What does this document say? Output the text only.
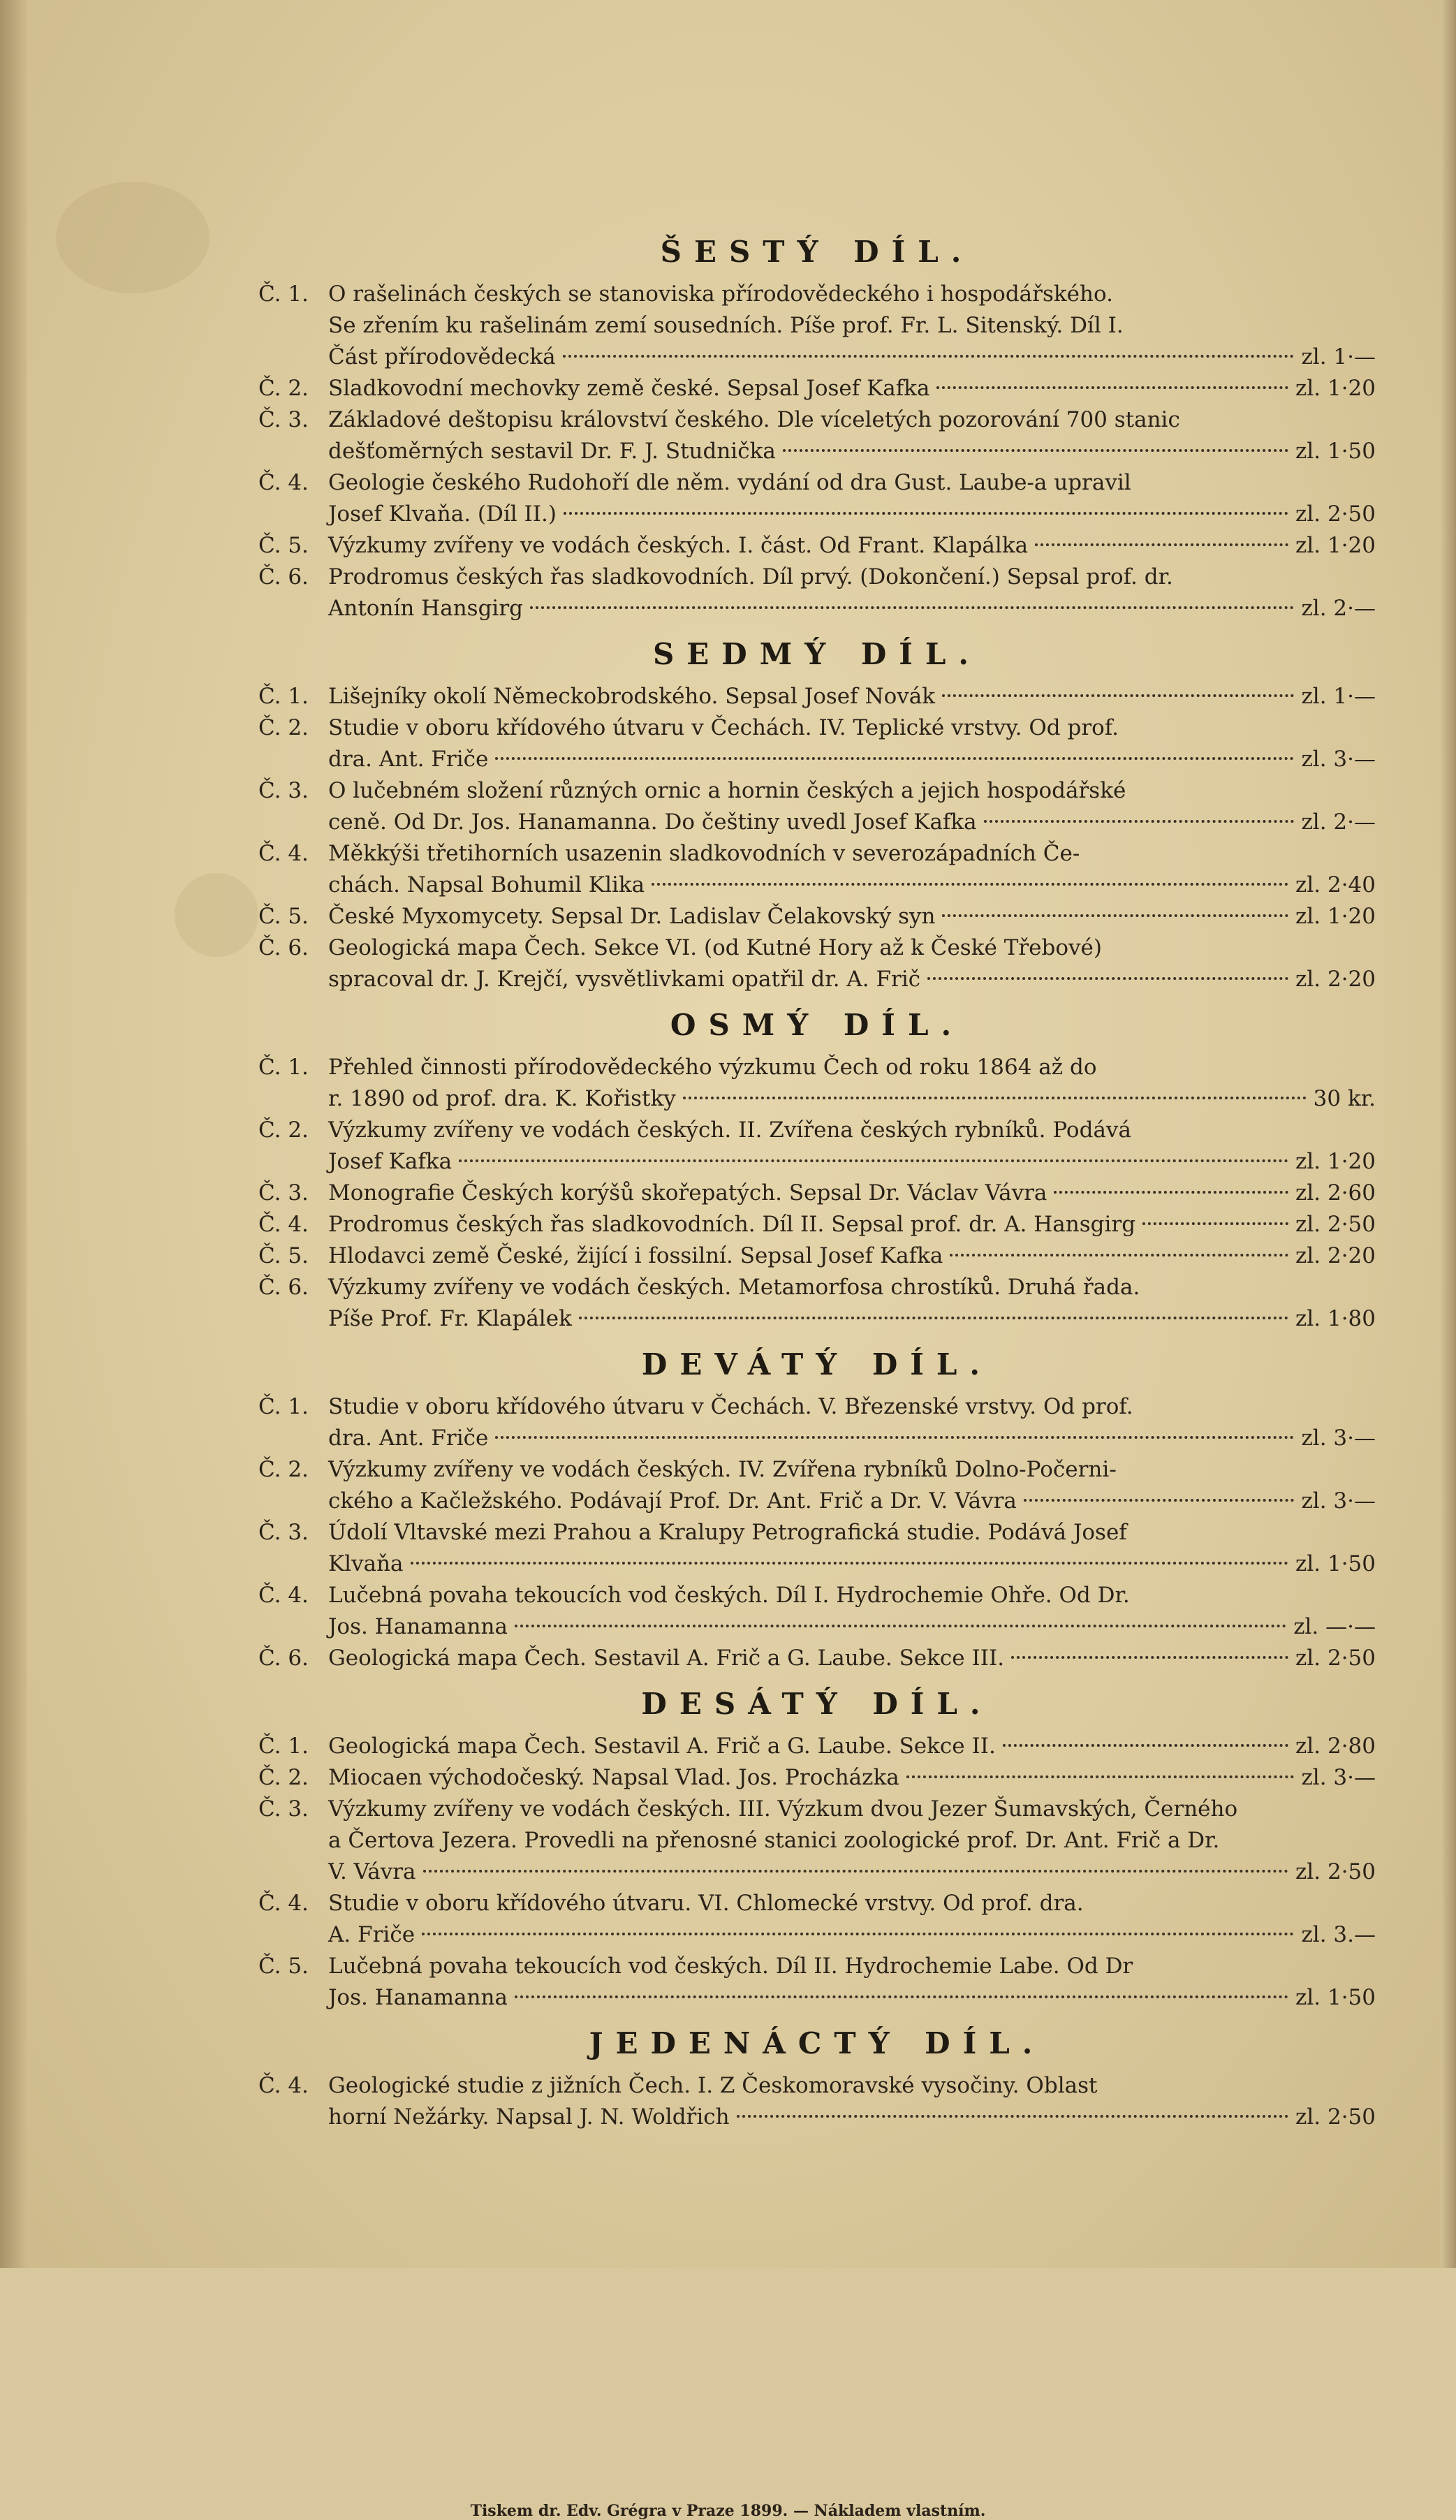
ŠESTÝ DÍL.
Č. 1. O rašelinách českých se stanoviska přírodovědeckého i hospodářského.
Se zřením ku rašelinám zemí sousedních. Píše prof. Fr. L. Sitenský. Díl I.
Část přírodovědecká	zl. 1·—
Č. 2. Sladkovodní mechovky země české. Sepsal Josef Kafka	zl. 1·20
Č. 3. Základové deštopisu království českého. Dle víceletých pozorování 700 stanic
dešťoměrných sestavil Dr. F. J. Studnička	zl. 1·50
Č. 4. Geologie českého Rudohoří dle něm. vydání od dra Gust. Laube-a upravil
Josef Klvaňa. (Díl II.)	zl. 2·50
Č. 5. Výzkumy zvířeny ve vodách českých. I. část. Od Frant. Klapálka	zl. 1·20
Č. 6. Prodromus českých řas sladkovodních. Díl prvý. (Dokončení.) Sepsal prof. dr.
Antonín Hansgirg	zl. 2·—
SEDMÝ DÍL.
Č. 1. Lišejníky okolí Německobrodského. Sepsal Josef Novák	zl. 1·—
Č. 2. Studie v oboru křídového útvaru v Čechách. IV. Teplické vrstvy. Od prof.
dra. Ant. Friče	zl. 3·—
Č. 3. O lučebném složení různých ornic a hornin českých a jejich hospodářské
ceně. Od Dr. Jos. Hanamanna. Do češtiny uvedl Josef Kafka	zl. 2·—
Č. 4. Měkkýši třetihorních usazenin sladkovodních v severozápadních Če-
chách. Napsal Bohumil Klika	zl. 2·40
Č. 5. České Myxomycety. Sepsal Dr. Ladislav Čelakovský syn	zl. 1·20
Č. 6. Geologická mapa Čech. Sekce VI. (od Kutné Hory až k České Třebové)
spracoval dr. J. Krejčí, vysvětlivkami opatřil dr. A. Frič	zl. 2·20
OSMÝ DÍL.
Č. 1. Přehled činnosti přírodovědeckého výzkumu Čech od roku 1864 až do
r. 1890 od prof. dra. K. Kořistky	30 kr.
Č. 2. Výzkumy zvířeny ve vodách českých. II. Zvířena českých rybníků. Podává
Josef Kafka	zl. 1·20
Č. 3. Monografie Českých korýšů skořepatých. Sepsal Dr. Václav Vávra	zl. 2·60
Č. 4. Prodromus českých řas sladkovodních. Díl II. Sepsal prof. dr. A. Hansgirg	zl. 2·50
Č. 5. Hlodavci země České, žijící i fossilní. Sepsal Josef Kafka	zl. 2·20
Č. 6. Výzkumy zvířeny ve vodách českých. Metamorfosa chrostíků. Druhá řada.
Píše Prof. Fr. Klapálek	zl. 1·80
DEVÁTÝ DÍL.
Č. 1. Studie v oboru křídového útvaru v Čechách. V. Březenské vrstvy. Od prof.
dra. Ant. Friče	zl. 3·—
Č. 2. Výzkumy zvířeny ve vodách českých. IV. Zvířena rybníků Dolno-Počerni-
ckého a Kačležského. Podávají Prof. Dr. Ant. Frič a Dr. V. Vávra	zl. 3·—
Č. 3. Údolí Vltavské mezi Prahou a Kralupy Petrografická studie. Podává Josef
Klvaňa	zl. 1·50
Č. 4. Lučebná povaha tekoucích vod českých. Díl I. Hydrochemie Ohře. Od Dr.
Jos. Hanamanna	zl. —·—
Č. 6. Geologická mapa Čech. Sestavil A. Frič a G. Laube. Sekce III.	zl. 2·50
DESÁTÝ DÍL.
Č. 1. Geologická mapa Čech. Sestavil A. Frič a G. Laube. Sekce II.	zl. 2·80
Č. 2. Miocaen východočeský. Napsal Vlad. Jos. Procházka	zl. 3·—
Č. 3. Výzkumy zvířeny ve vodách českých. III. Výzkum dvou Jezer Šumavských, Černého
a Čertova Jezera. Provedli na přenosné stanici zoologické prof. Dr. Ant. Frič a Dr.
V. Vávra	zl. 2·50
Č. 4. Studie v oboru křídového útvaru. VI. Chlomecké vrstvy. Od prof. dra.
A. Friče	zl. 3.—
Č. 5. Lučebná povaha tekoucích vod českých. Díl II. Hydrochemie Labe. Od Dr
Jos. Hanamanna	zl. 1·50
JEDENÁCTÝ DÍL.
Č. 4. Geologické studie z jižních Čech. I. Z Českomoravské vysočiny. Oblast
horní Nežárky. Napsal J. N. Woldřich	zl. 2·50
Tiskem dr. Edv. Grégra v Praze 1899. — Nákladem vlastním.
